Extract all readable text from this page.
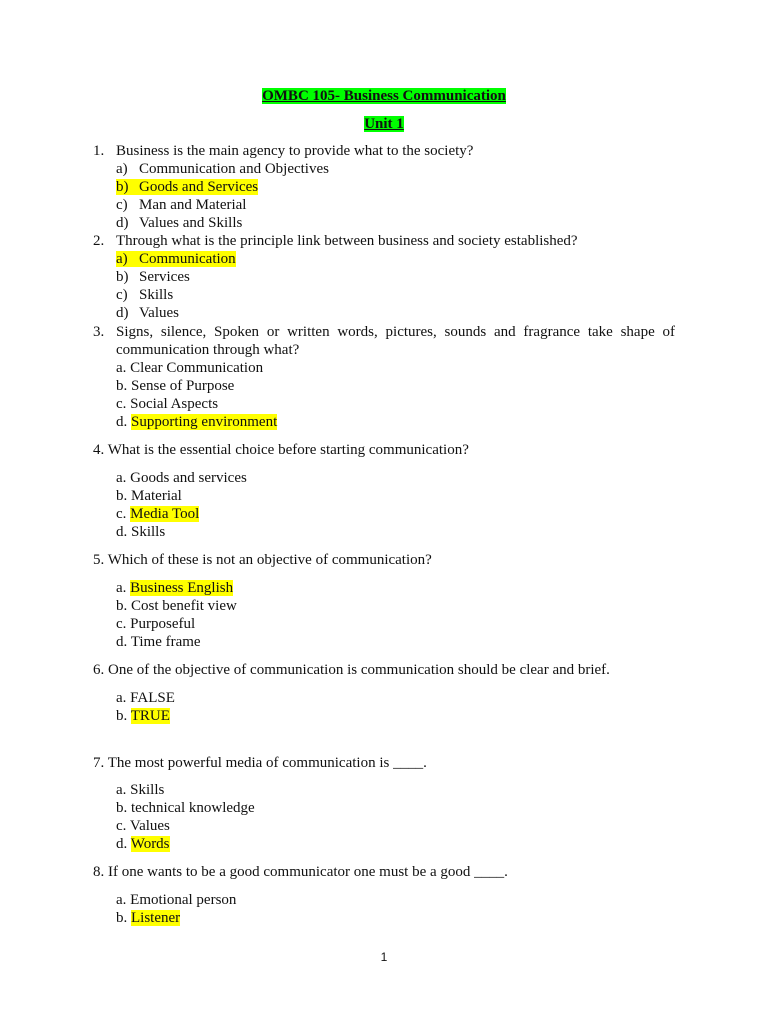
OMBC 105- Business Communication
Unit 1
1. Business is the main agency to provide what to the society?
a) Communication and Objectives
b) Goods and Services
c) Man and Material
d) Values and Skills
2. Through what is the principle link between business and society established?
a) Communication
b) Services
c) Skills
d) Values
3. Signs, silence, Spoken or written words, pictures, sounds and fragrance take shape of
communication through what?
a. Clear Communication
b. Sense of Purpose
c. Social Aspects
d. Supporting environment
4. What is the essential choice before starting communication?
a. Goods and services
b. Material
c. Media Tool
d. Skills
5. Which of these is not an objective of communication?
a. Business English
b. Cost benefit view
c. Purposeful
d. Time frame
6. One of the objective of communication is communication should be clear and brief.
a. FALSE
b. TRUE
7. The most powerful media of communication is ____.
a. Skills
b. technical knowledge
c. Values
d. Words
8. If one wants to be a good communicator one must be a good ____.
a. Emotional person
b. Listener
1
